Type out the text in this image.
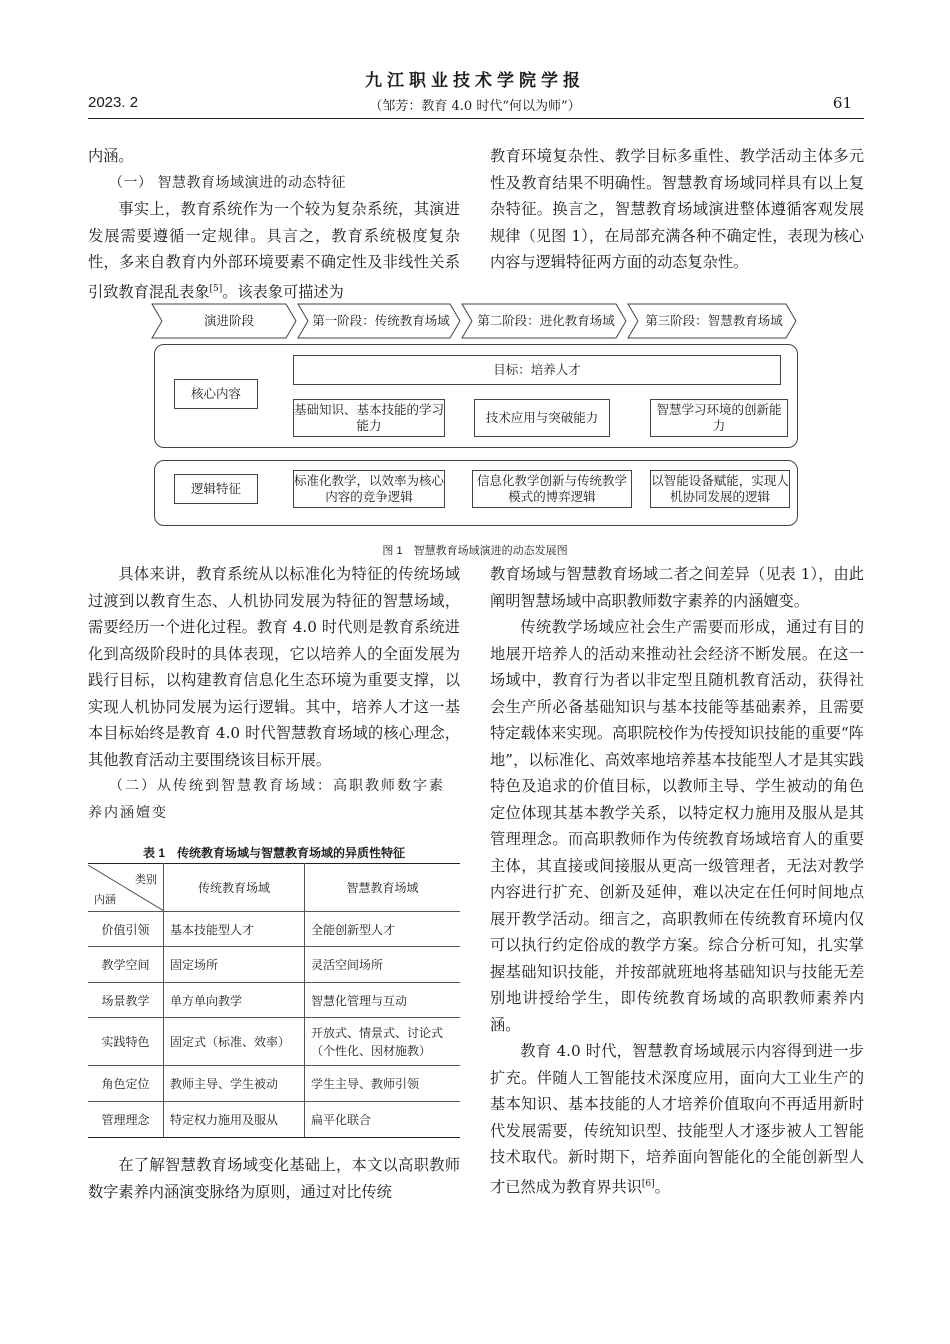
九江职业技术学院学报
2023. 2	（邹芳：教育 4.0 时代“何以为师”）	61

内涵。

（一） 智慧教育场域演进的动态特征

事实上，教育系统作为一个较为复杂系统，其演进发展需要遵循一定规律。具言之，教育系统极度复杂性，多来自教育内外部环境要素不确定性及非线性关系引致教育混乱表象[5]。该表象可描述为

教育环境复杂性、教学目标多重性、教学活动主体多元性及教育结果不明确性。智慧教育场域同样具有以上复杂特征。换言之，智慧教育场域演进整体遵循客观发展规律（见图 1），在局部充满各种不确定性，表现为核心内容与逻辑特征两方面的动态复杂性。

演进阶段	第一阶段：传统教育场域	第二阶段：进化教育场域	第三阶段：智慧教育场域
核心内容
目标：培养人才
基础知识、基本技能的学习能力
技术应用与突破能力
智慧学习环境的创新能力
逻辑特征
标准化教学，以效率为核心内容的竞争逻辑
信息化教学创新与传统教学模式的博弈逻辑
以智能设备赋能，实现人机协同发展的逻辑
图 1　智慧教育场域演进的动态发展图

具体来讲，教育系统从以标准化为特征的传统场域过渡到以教育生态、人机协同发展为特征的智慧场域，需要经历一个进化过程。教育 4.0 时代则是教育系统进化到高级阶段时的具体表现，它以培养人的全面发展为践行目标，以构建教育信息化生态环境为重要支撑，以实现人机协同发展为运行逻辑。其中，培养人才这一基本目标始终是教育 4.0 时代智慧教育场域的核心理念，其他教育活动主要围绕该目标开展。

（二）从传统到智慧教育场域：高职教师数字素养内涵嬗变

表 1　传统教育场域与智慧教育场域的异质性特征
类别
内涵	传统教育场域	智慧教育场域
价值引领	基本技能型人才	全能创新型人才
教学空间	固定场所	灵活空间场所
场景教学	单方单向教学	智慧化管理与互动
实践特色	固定式（标准、效率）	开放式、情景式、讨论式（个性化、因材施教）
角色定位	教师主导、学生被动	学生主导、教师引领
管理理念	特定权力施用及服从	扁平化联合

在了解智慧教育场域变化基础上，本文以高职教师数字素养内涵演变脉络为原则，通过对比传统

教育场域与智慧教育场域二者之间差异（见表 1），由此阐明智慧场域中高职教师数字素养的内涵嬗变。

传统教学场域应社会生产需要而形成，通过有目的地展开培养人的活动来推动社会经济不断发展。在这一场域中，教育行为者以非定型且随机教育活动，获得社会生产所必备基础知识与基本技能等基础素养，且需要特定载体来实现。高职院校作为传授知识技能的重要“阵地”，以标准化、高效率地培养基本技能型人才是其实践特色及追求的价值目标，以教师主导、学生被动的角色定位体现其基本教学关系，以特定权力施用及服从是其管理理念。而高职教师作为传统教育场域培育人的重要主体，其直接或间接服从更高一级管理者，无法对教学内容进行扩充、创新及延伸，难以决定在任何时间地点展开教学活动。细言之，高职教师在传统教育环境内仅可以执行约定俗成的教学方案。综合分析可知，扎实掌握基础知识技能，并按部就班地将基础知识与技能无差别地讲授给学生，即传统教育场域的高职教师素养内涵。

教育 4.0 时代，智慧教育场域展示内容得到进一步扩充。伴随人工智能技术深度应用，面向大工业生产的基本知识、基本技能的人才培养价值取向不再适用新时代发展需要，传统知识型、技能型人才逐步被人工智能技术取代。新时期下，培养面向智能化的全能创新型人才已然成为教育界共识[6]。
